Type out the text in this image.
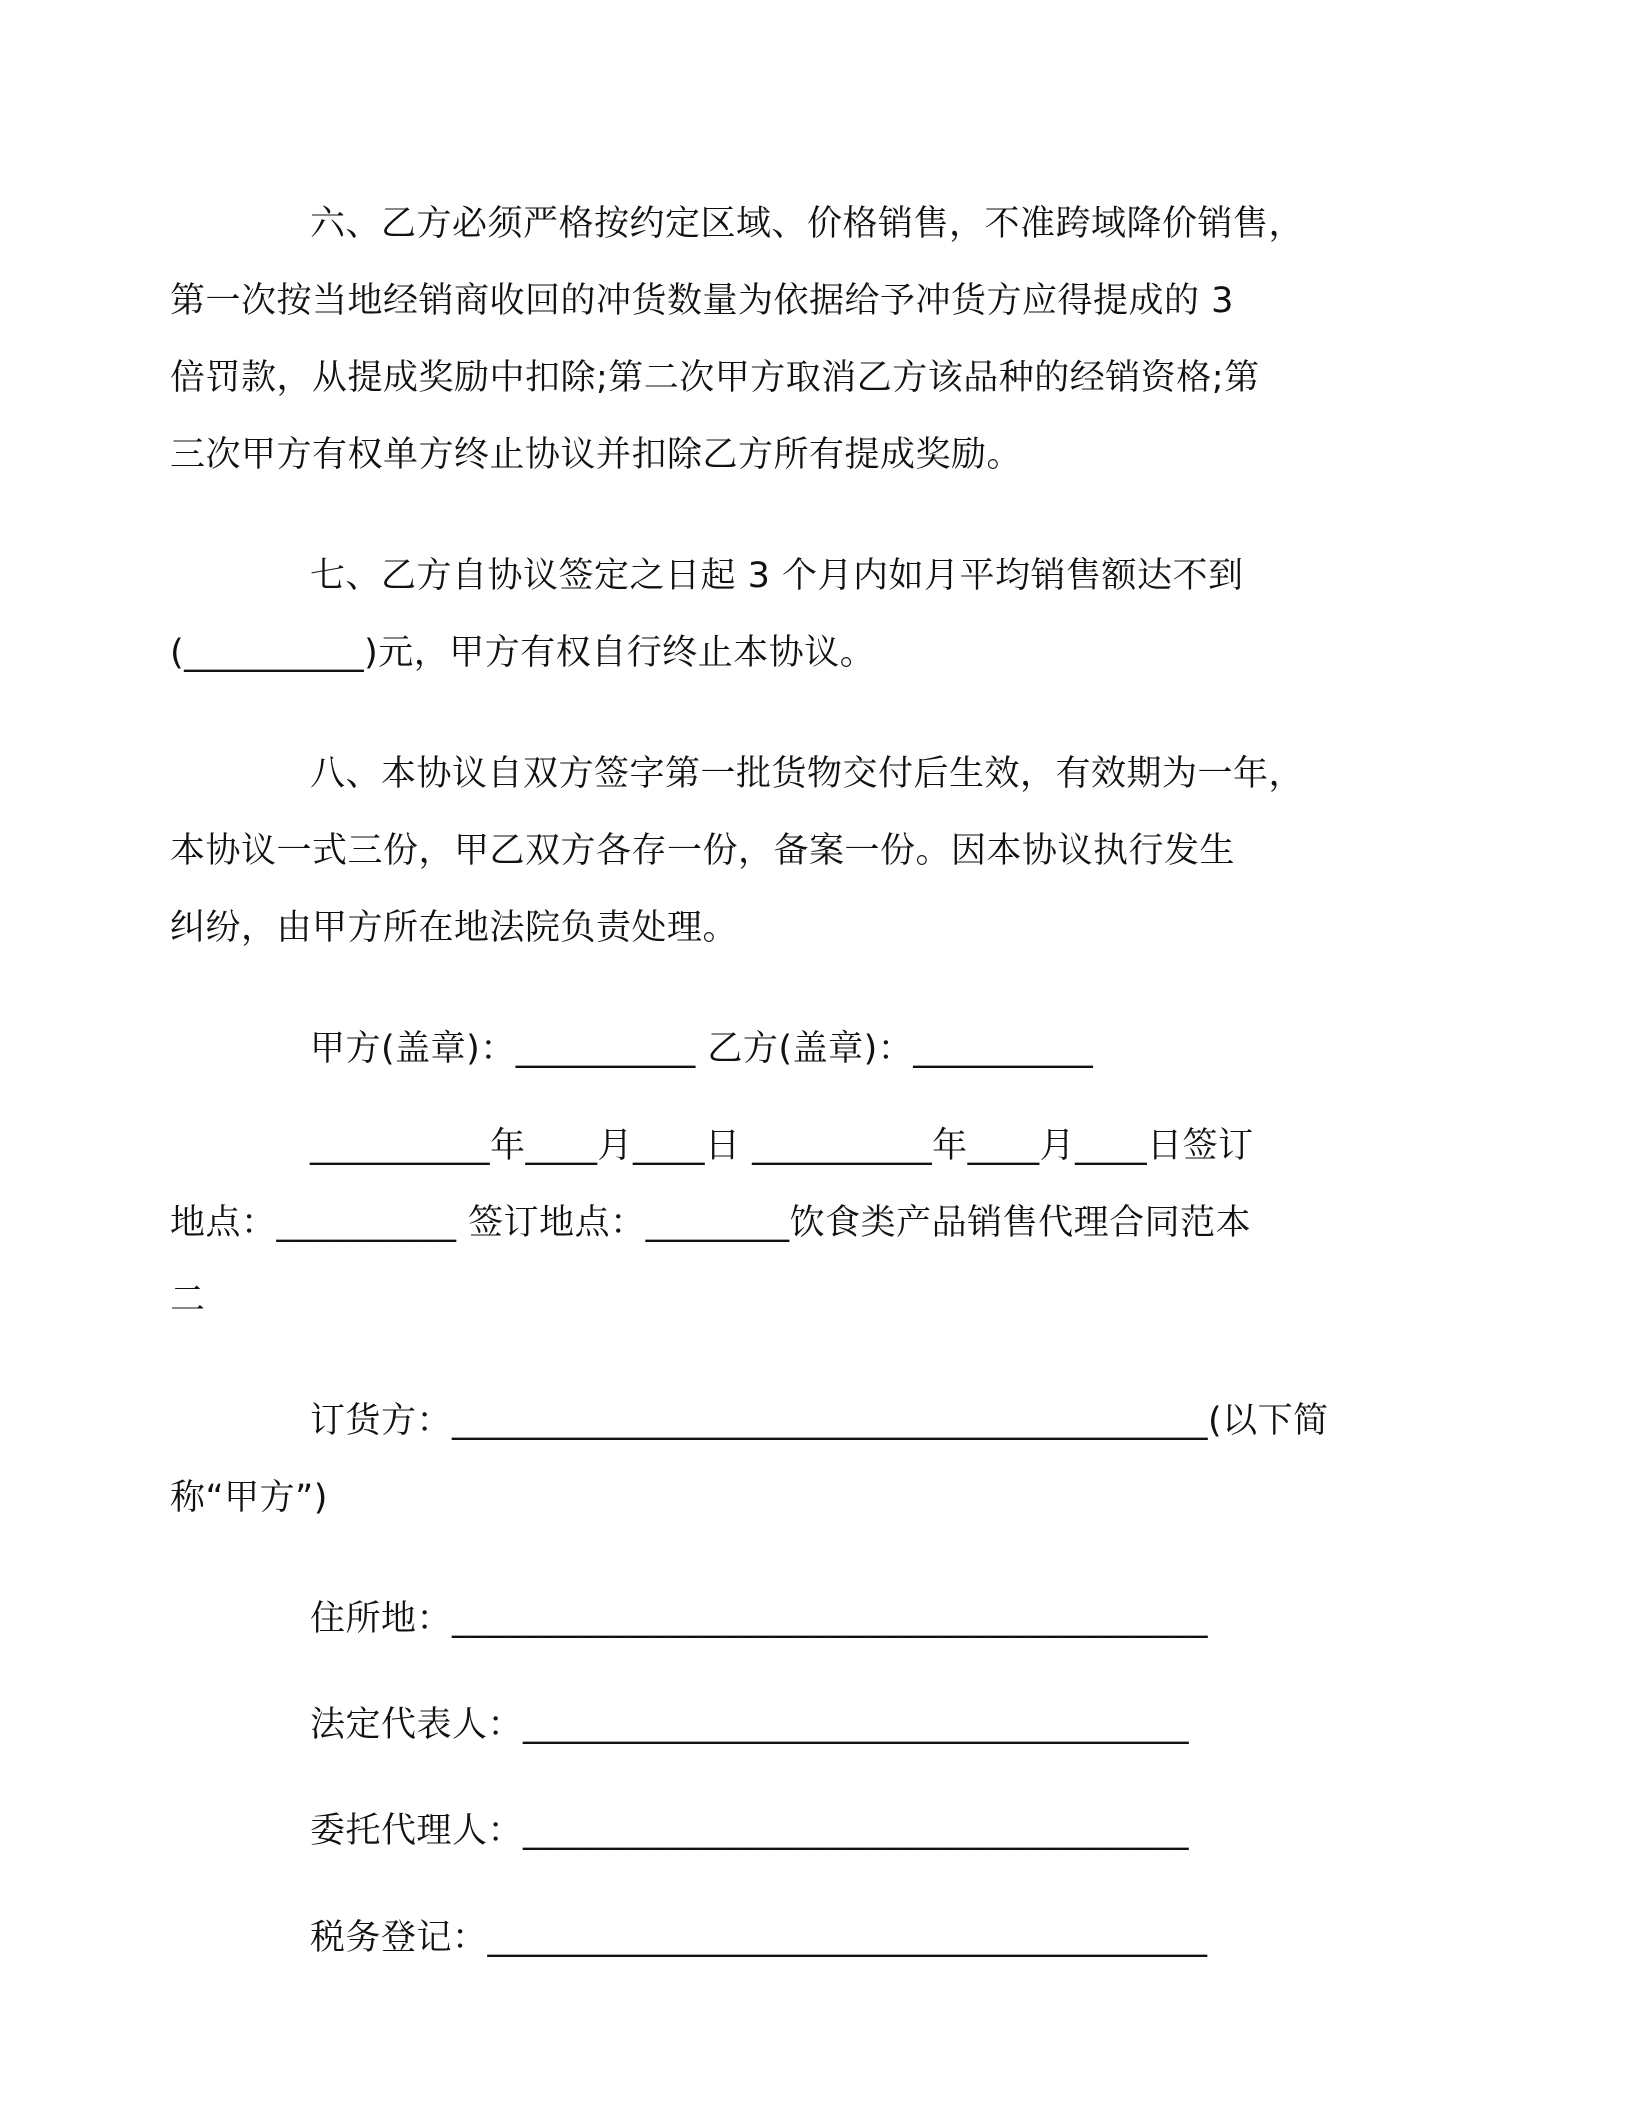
六、乙方必须严格按约定区域、价格销售，不准跨域降价销售，
第一次按当地经销商收回的冲货数量为依据给予冲货方应得提成的 3
倍罚款，从提成奖励中扣除;第二次甲方取消乙方该品种的经销资格;第
三次甲方有权单方终止协议并扣除乙方所有提成奖励。

七、乙方自协议签定之日起 3 个月内如月平均销售额达不到
(__________)元，甲方有权自行终止本协议。

八、本协议自双方签字第一批货物交付后生效，有效期为一年，
本协议一式三份，甲乙双方各存一份，备案一份。因本协议执行发生
纠纷，由甲方所在地法院负责处理。

甲方(盖章)：__________ 乙方(盖章)：__________

__________年____月____日 __________年____月____日签订
地点：__________ 签订地点：________饮食类产品销售代理合同范本
二

订货方：__________________________________________(以下简
称“甲方”)

住所地：__________________________________________

法定代表人：_____________________________________

委托代理人：_____________________________________

税务登记：________________________________________
